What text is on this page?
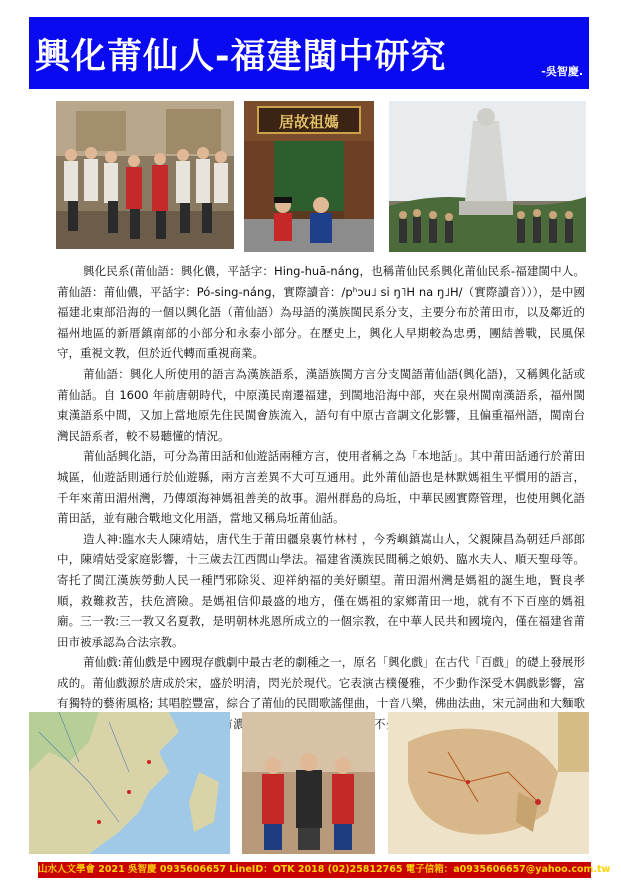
興化莆仙人-福建閩中研究	-吳智慶.
居故祖媽

興化民系(莆仙語：興化儂，平話字：Hing-huā-náng，也稱莆仙民系興化莆仙民系-福建閩中人。莆仙語：莆仙儂，平話字：Pó-sing-náng，實際讀音：/pʰɔu˩ si ŋ˥H na ŋ˩H/（實際讀音））），是中國福建北東部沿海的一個以興化語（莆仙語）為母語的漢族閩民系分支，主要分布於莆田市，以及鄰近的福州地區的新厝鎮南部的小部分和永泰小部分。在歷史上，興化人早期較為忠勇，團結善戰，民風保守，重視文教，但於近代轉而重視商業。

莆仙語：興化人所使用的語言為漢族語系，漢語族閩方言分支閩語莆仙語(興化語)，又稱興化話或莆仙話。自 1600 年前唐朝時代，中原漢民南遷福建，到閩地沿海中部，夾在泉州閩南漢語系，福州閩東漢語系中間，又加上當地原先住民閩會族流入，語句有中原古音調文化影響，且偏重福州語，閩南台灣民語系者，較不易聽懂的情況。

莆仙話興化語，可分為莆田話和仙遊話兩種方言，使用者稱之為「本地話」。其中莆田話通行於莆田城區，仙遊話則通行於仙遊縣，兩方言差異不大可互通用。此外莆仙語也是林默媽祖生平慣用的語言，千年來莆田湄州灣，乃傳頌海神媽祖善美的故事。湄州群島的烏坵，中華民國實際管理，也使用興化語莆田話，並有融合戰地文化用語，當地又稱烏坵莆仙話。

造人神:臨水夫人陳靖姑，唐代生于莆田疆泉裏竹林村 ，今秀嶼鎮嵩山人，父親陳昌為朝廷戶部郎中，陳靖姑受家庭影響，十三歲去江西閭山學法。福建省漢族民間稱之娘奶、臨水夫人、順天聖母等。寄托了閩江漢族勞動人民一種鬥邪除災、迎祥納福的美好願望。莆田湄州灣是媽祖的誕生地，賢良孝順，救難救苦，扶危濟險。是媽祖信仰最盛的地方，僅在媽祖的家鄉莆田一地，就有不下百座的媽祖廟。三一教:三一教又名夏教，是明朝林兆恩所成立的一個宗教，在中華人民共和國境內，僅在福建省莆田市被承認為合法宗教。

莆仙戲:莆仙戲是中國現存戲劇中最古老的劇種之一，原名「興化戲」在古代「百戲」的礎上發展形成的。莆仙戲源於唐成於宋，盛於明清，閃光於現代。它表演古樸優雅，不少動作深受木偶戲影響，富有獨特的藝術風格; 其唱腔豐富，綜合了莆仙的民間歌謠俚曲，十音八樂，佛曲法曲，宋元詞曲和大麵歌 ，具有濃厚地 留不少

山水人文學會 2021 吳智慶 0935606657 LineID：OTK 2018 (02)25812765 電子信箱：a0935606657@yahoo.com.tw
